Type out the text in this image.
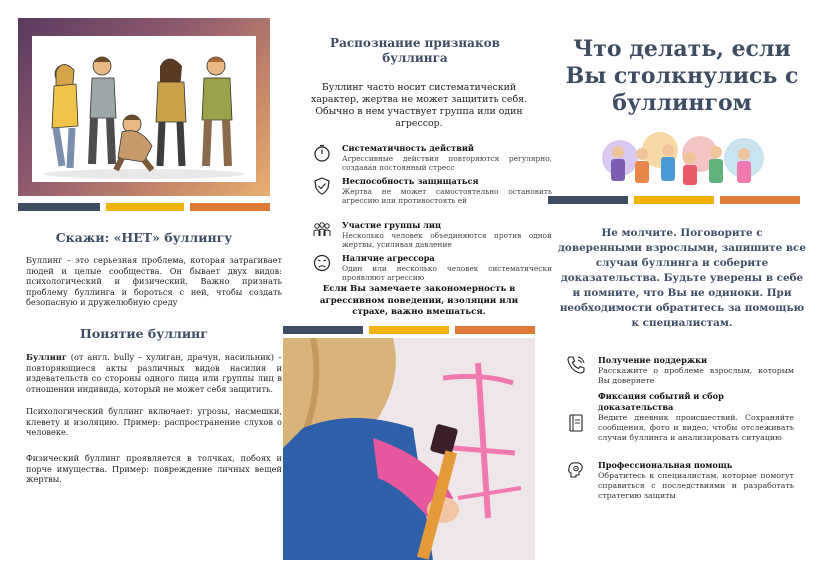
Скажи: «НЕТ» буллингу
Буллинг – это серьезная проблема, которая затрагивает людей и целые сообщества. Он бывает двух видов: психологический и физический. Важно признать проблему буллинга и бороться с ней, чтобы создать безопасную и дружелюбную среду
Понятие буллинг
Буллинг (от англ. bully – хулиган, драчун, насильник) – повторяющиеся акты различных видов насилия и издевательств со стороны одного лица или группы лиц в отношении индивида, который не может себя защитить.
Психологический буллинг включает: угрозы, насмешки, клевету и изоляцию. Пример: распространение слухов о человеке.
Физический буллинг проявляется в толчках, побоях и порче имущества. Пример: повреждение личных вещей жертвы.
Распознание признаков буллинга
Буллинг часто носит систематический характер, жертва не может защитить себя. Обычно в нем участвует группа или один агрессор.
Систематичность действий
Агрессивные действия повторяются регулярно, создавая постоянный стресс
Неспособность защищаться
Жертва не может самостоятельно остановить агрессию или противостоять ей
Участие группы лиц
Несколько человек объединяются против одной жертвы, усиливая давление
Наличие агрессора
Один или несколько человек систематически проявляют агрессию
Если Вы замечаете закономерность в агрессивном поведении, изоляции или страхе, важно вмешаться.
Что делать, если Вы столкнулись с буллингом
Не молчите. Поговорите с доверенными взрослыми, запишите все случаи буллинга и соберите доказательства. Будьте уверены в себе и помните, что Вы не одиноки. При необходимости обратитесь за помощью к специалистам.
Получение поддержки
Расскажите о проблеме взрослым, которым Вы доверяете
Фиксация событий и сбор доказательства
Ведите дневник происшествий. Сохраняйте сообщения, фото и видео, чтобы отслеживать случаи буллинга и анализировать ситуацию
Профессиональная помощь
Обратитесь к специалистам, которые помогут справиться с последствиями и разработать стратегию защиты
